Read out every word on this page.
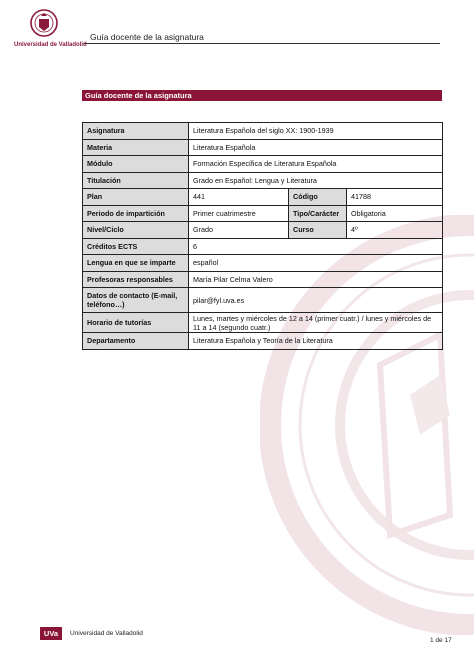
Universidad de Valladolid
Guía docente de la asignatura
Guía docente de la asignatura
Asignatura	Literatura Española del siglo XX: 1900-1939		
Materia	Literatura Española		
Módulo	Formación Específica de Literatura Española		
Titulación	Grado en Español: Lengua y Literatura		
Plan	441	Código	41788
Periodo de impartición	Primer cuatrimestre	Tipo/Carácter	Obligatoria
Nivel/Ciclo	Grado	Curso	4º
Créditos ECTS	6		
Lengua en que se imparte	español		
Profesoras responsables	María Pilar Celma Valero		
Datos de contacto (E-mail, teléfono…)	pilar@fyl.uva.es		
Horario de tutorías	Lunes, martes y miércoles de 12 a 14 (primer cuatr.) / lunes y miércoles de 11 a 14 (segundo cuatr.)		
Departamento	Literatura Española y Teoría de la Literatura		
UVa	Universidad de Valladolid
1 de 17
